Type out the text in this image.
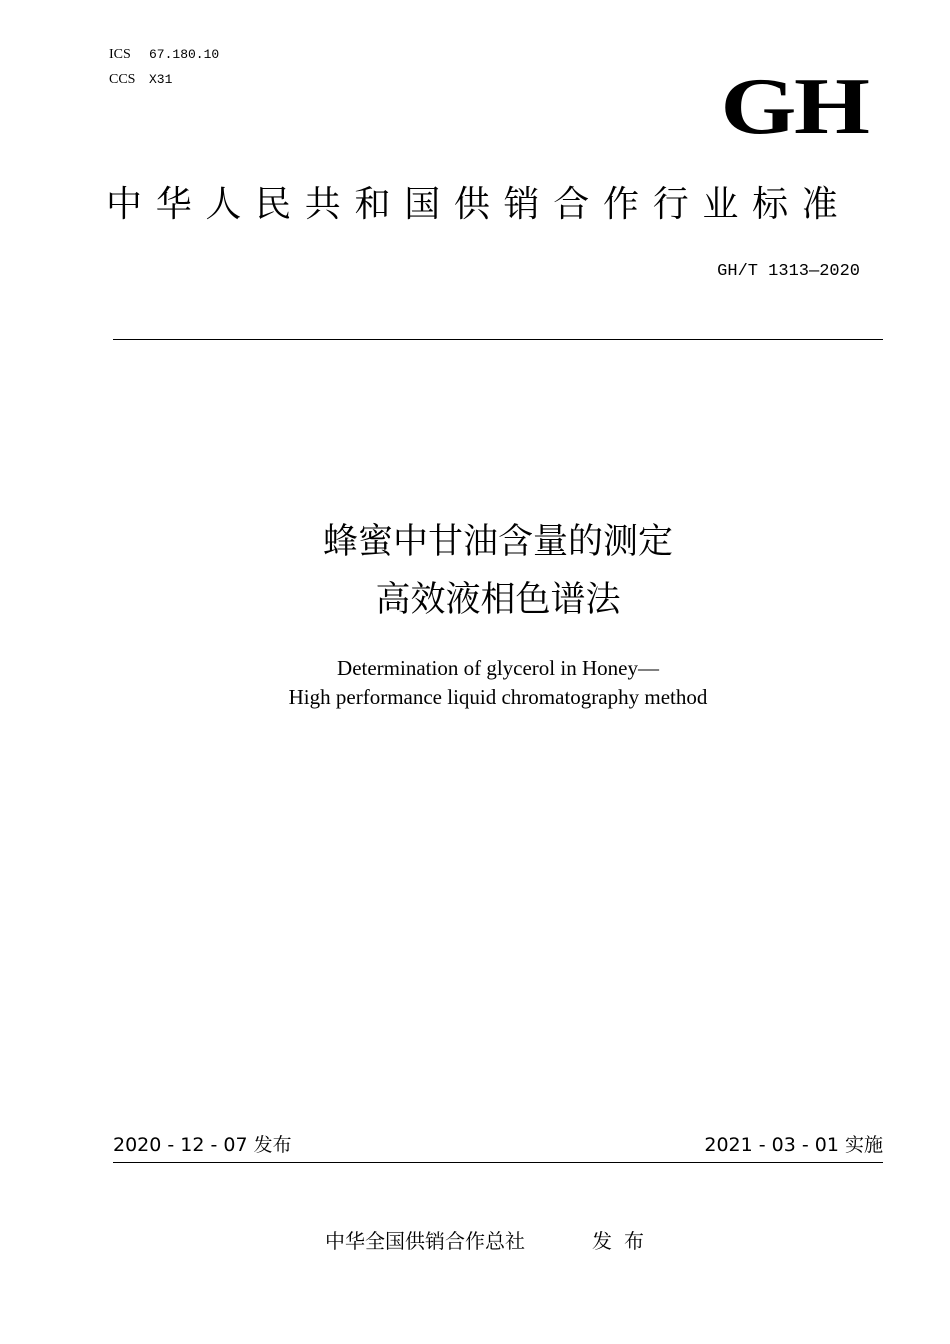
ICS 67.180.10
CCS X31	GH
中华人民共和国供销合作行业标准
GH/T 1313—2020
蜂蜜中甘油含量的测定
高效液相色谱法
Determination of glycerol in Honey—
High performance liquid chromatography method
2020 - 12 - 07 发布	2021 - 03 - 01 实施
中华全国供销合作总社	发布
